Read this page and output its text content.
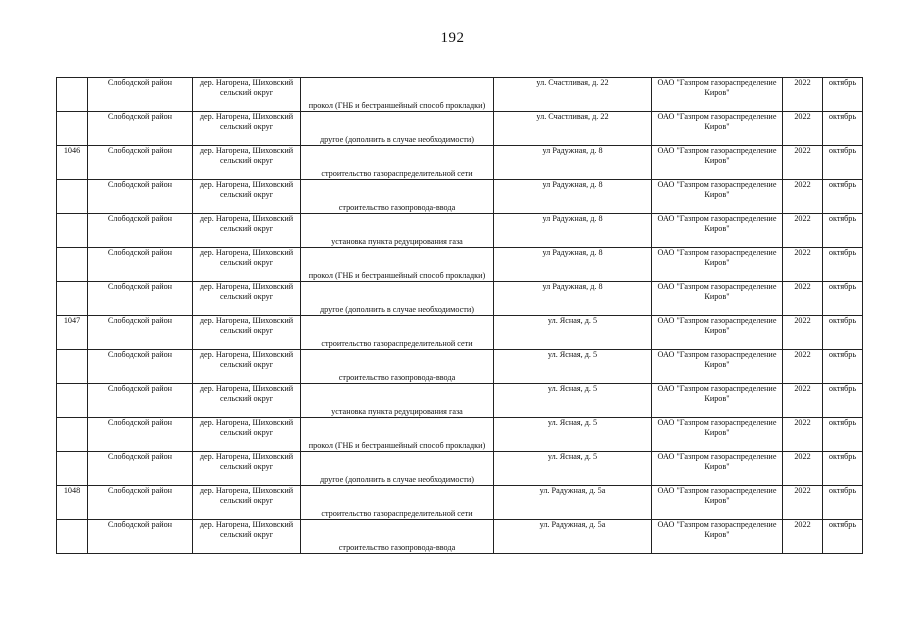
192

	Слободской район	дер. Нагорена, Шиховский сельский округ	прокол (ГНБ и бестраншейный способ прокладки)	ул. Счастливая, д. 22	ОАО "Газпром газораспределение Киров"	2022	октябрь

	Слободской район	дер. Нагорена, Шиховский сельский округ	другое (дополнить в случае необходимости)	ул. Счастливая, д. 22	ОАО "Газпром газораспределение Киров"	2022	октябрь

1046	Слободской район	дер. Нагорена, Шиховский сельский округ	строительство газораспределительной сети	ул Радужная, д. 8	ОАО "Газпром газораспределение Киров"	2022	октябрь

	Слободской район	дер. Нагорена, Шиховский сельский округ	строительство газопровода-ввода	ул Радужная, д. 8	ОАО "Газпром газораспределение Киров"	2022	октябрь

	Слободской район	дер. Нагорена, Шиховский сельский округ	установка пункта редуцирования газа	ул Радужная, д. 8	ОАО "Газпром газораспределение Киров"	2022	октябрь

	Слободской район	дер. Нагорена, Шиховский сельский округ	прокол (ГНБ и бестраншейный способ прокладки)	ул Радужная, д. 8	ОАО "Газпром газораспределение Киров"	2022	октябрь

	Слободской район	дер. Нагорена, Шиховский сельский округ	другое (дополнить в случае необходимости)	ул Радужная, д. 8	ОАО "Газпром газораспределение Киров"	2022	октябрь

1047	Слободской район	дер. Нагорена, Шиховский сельский округ	строительство газораспределительной сети	ул. Ясная, д. 5	ОАО "Газпром газораспределение Киров"	2022	октябрь

	Слободской район	дер. Нагорена, Шиховский сельский округ	строительство газопровода-ввода	ул. Ясная, д. 5	ОАО "Газпром газораспределение Киров"	2022	октябрь

	Слободской район	дер. Нагорена, Шиховский сельский округ	установка пункта редуцирования газа	ул. Ясная, д. 5	ОАО "Газпром газораспределение Киров"	2022	октябрь

	Слободской район	дер. Нагорена, Шиховский сельский округ	прокол (ГНБ и бестраншейный способ прокладки)	ул. Ясная, д. 5	ОАО "Газпром газораспределение Киров"	2022	октябрь

	Слободской район	дер. Нагорена, Шиховский сельский округ	другое (дополнить в случае необходимости)	ул. Ясная, д. 5	ОАО "Газпром газораспределение Киров"	2022	октябрь

1048	Слободской район	дер. Нагорена, Шиховский сельский округ	строительство газораспределительной сети	ул. Радужная, д. 5а	ОАО "Газпром газораспределение Киров"	2022	октябрь

	Слободской район	дер. Нагорена, Шиховский сельский округ	строительство газопровода-ввода	ул. Радужная, д. 5а	ОАО "Газпром газораспределение Киров"	2022	октябрь
